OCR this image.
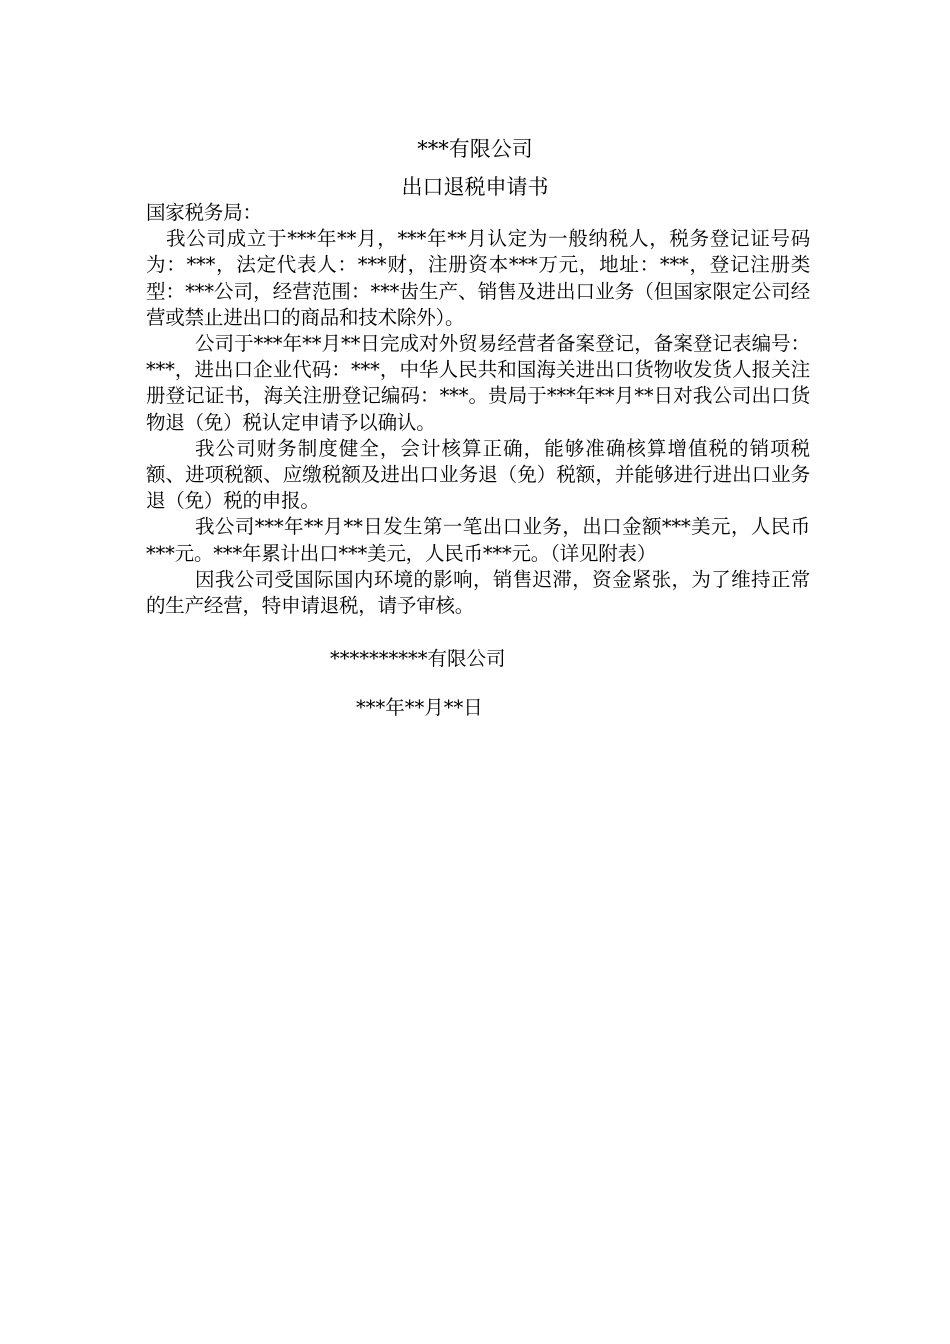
***有限公司
出口退税申请书

国家税务局：

我公司成立于***年**月，***年**月认定为一般纳税人，税务登记证号码为：***，法定代表人：***财，注册资本***万元，地址：***，登记注册类型：***公司，经营范围：***齿生产、销售及进出口业务（但国家限定公司经营或禁止进出口的商品和技术除外）。

公司于***年**月**日完成对外贸易经营者备案登记，备案登记表编号：***，进出口企业代码：***，中华人民共和国海关进出口货物收发货人报关注册登记证书，海关注册登记编码：***。贵局于***年**月**日对我公司出口货物退（免）税认定申请予以确认。

我公司财务制度健全，会计核算正确，能够准确核算增值税的销项税额、进项税额、应缴税额及进出口业务退（免）税额，并能够进行进出口业务退（免）税的申报。

我公司***年**月**日发生第一笔出口业务，出口金额***美元，人民币***元。***年累计出口***美元，人民币***元。（详见附表）

因我公司受国际国内环境的影响，销售迟滞，资金紧张，为了维持正常的生产经营，特申请退税，请予审核。

**********有限公司
***年**月**日
